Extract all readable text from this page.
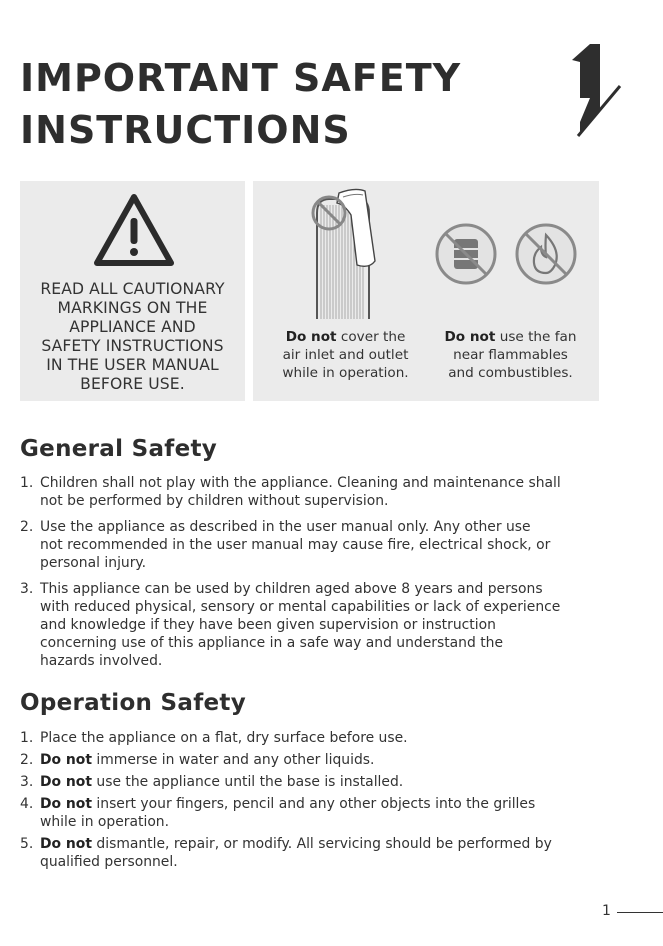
IMPORTANT SAFETY
INSTRUCTIONS
READ ALL CAUTIONARY
MARKINGS ON THE
APPLIANCE AND
SAFETY INSTRUCTIONS
IN THE USER MANUAL
BEFORE USE.
Do not cover the
air inlet and outlet
while in operation.
Do not use the fan
near flammables
and combustibles.
General Safety
1. Children shall not play with the appliance. Cleaning and maintenance shall
not be performed by children without supervision.
2. Use the appliance as described in the user manual only. Any other use
not recommended in the user manual may cause fire, electrical shock, or
personal injury.
3. This appliance can be used by children aged above 8 years and persons
with reduced physical, sensory or mental capabilities or lack of experience
and knowledge if they have been given supervision or instruction
concerning use of this appliance in a safe way and understand the
hazards involved.
Operation Safety
1. Place the appliance on a flat, dry surface before use.
2. Do not immerse in water and any other liquids.
3. Do not use the appliance until the base is installed.
4. Do not insert your fingers, pencil and any other objects into the grilles
while in operation.
5. Do not dismantle, repair, or modify. All servicing should be performed by
qualified personnel.
1
